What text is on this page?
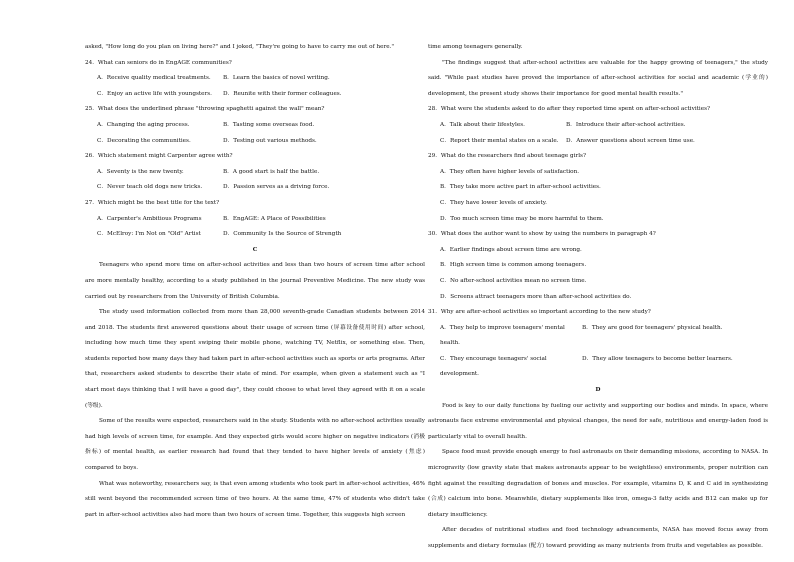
asked, "How long do you plan on living here?" and I joked, "They're going to have to carry me out of here."
24．What can seniors do in EngAGE communities?
A．Receive quality medical treatments.	B．Learn the basics of novel writing.
C．Enjoy an active life with youngsters.	D．Reunite with their former colleagues.
25．What does the underlined phrase "throwing spaghetti against the wall" mean?
A．Changing the aging process.	B．Tasting some overseas food.
C．Decorating the communities.	D．Testing out various methods.
26．Which statement might Carpenter agree with?
A．Seventy is the new twenty.	B．A good start is half the battle.
C．Never teach old dogs new tricks.	D．Passion serves as a driving force.
27．Which might be the best title for the text?
A．Carpenter's Ambitious Programs	B．EngAGE: A Place of Possibilities
C．McElroy: I'm Not on "Old" Artist	D．Community Is the Source of Strength
C
Teenagers who spend more time on after-school activities and less than two hours of screen time after school are more mentally healthy, according to a study published in the journal Preventive Medicine. The new study was carried out by researchers from the University of British Columbia.
The study used information collected from more than 28,000 seventh-grade Canadian students between 2014 and 2018. The students first answered questions about their usage of screen time (屏幕设备使用时间) after school, including how much time they spent swiping their mobile phone, watching TV, Netflix, or something else. Then, students reported how many days they had taken part in after-school activities such as sports or arts programs. After that, researchers asked students to describe their state of mind. For example, when given a statement such as "I start most days thinking that I will have a good day", they could choose to what level they agreed with it on a scale (等级).
Some of the results were expected, researchers said in the study. Students with no after-school activities usually had high levels of screen time, for example. And they expected girls would score higher on negative indicators (消极指标) of mental health, as earlier research had found that they tended to have higher levels of anxiety (焦虑) compared to boys.
What was noteworthy, researchers say, is that even among students who took part in after-school activities, 46% still went beyond the recommended screen time of two hours. At the same time, 47% of students who didn't take part in after-school activities also had more than two hours of screen time. Together, this suggests high screen
time among teenagers generally.
"The findings suggest that after-school activities are valuable for the happy growing of teenagers," the study said. "While past studies have proved the importance of after-school activities for social and academic (学业的) development, the present study shows their importance for good mental health results."
28．What were the students asked to do after they reported time spent on after-school activities?
A．Talk about their lifestyles.	B．Introduce their after-school activities.
C．Report their mental states on a scale.	D．Answer questions about screen time use.
29．What do the researchers find about teenage girls?
A．They often have higher levels of satisfaction.
B．They take more active part in after-school activities.
C．They have lower levels of anxiety.
D．Too much screen time may be more harmful to them.
30．What does the author want to show by using the numbers in paragraph 4?
A．Earlier findings about screen time are wrong.
B．High screen time is common among teenagers.
C．No after-school activities mean no screen time.
D．Screens attract teenagers more than after-school activities do.
31．Why are after-school activities so important according to the new study?
A．They help to improve teenagers' mental health.
B．They are good for teenagers' physical health.
C．They encourage teenagers' social development.
D．They allow teenagers to become better learners.
D
Food is key to our daily functions by fueling our activity and supporting our bodies and minds. In space, where astronauts face extreme environmental and physical changes, the need for safe, nutritious and energy-laden food is particularly vital to overall health.
Space food must provide enough energy to fuel astronauts on their demanding missions, according to NASA. In microgravity (low gravity state that makes astronauts appear to be weightless) environments, proper nutrition can fight against the resulting degradation of bones and muscles. For example, vitamins D, K and C aid in synthesizing (合成) calcium into bone. Meanwhile, dietary supplements like iron, omega-3 fatty acids and B12 can make up for dietary insufficiency.
After decades of nutritional studies and food technology advancements, NASA has moved focus away from supplements and dietary formulas (配方) toward providing as many nutrients from fruits and vegetables as possible.
